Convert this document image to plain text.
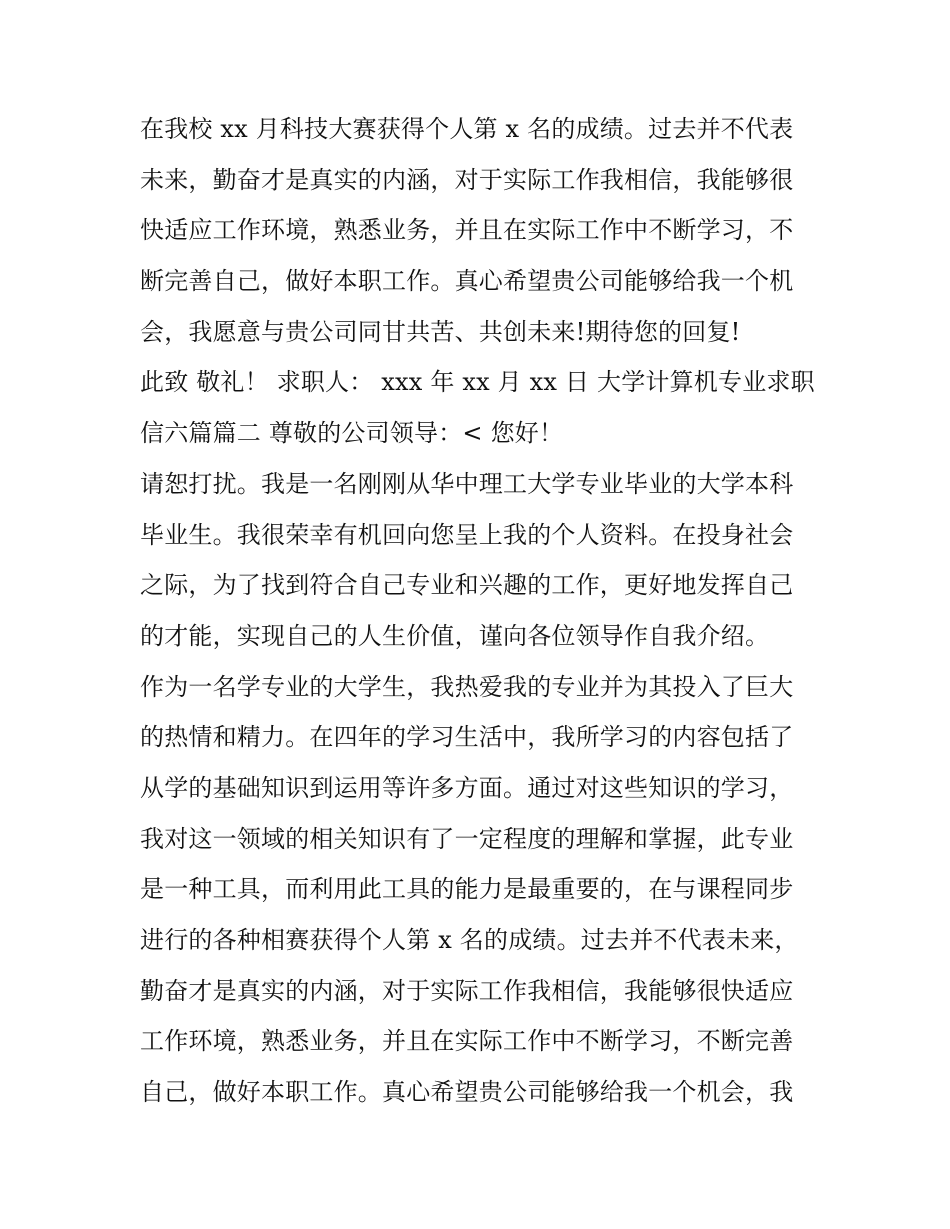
在我校 xx 月科技大赛获得个人第 x 名的成绩。过去并不代表
未来，勤奋才是真实的内涵，对于实际工作我相信，我能够很
快适应工作环境，熟悉业务，并且在实际工作中不断学习，不
断完善自己，做好本职工作。真心希望贵公司能够给我一个机
会，我愿意与贵公司同甘共苦、共创未来!期待您的回复!
此致 敬礼！ 求职人： xxx 年 xx 月 xx 日 大学计算机专业求职
信六篇篇二 尊敬的公司领导：< 您好！
请恕打扰。我是一名刚刚从华中理工大学专业毕业的大学本科
毕业生。我很荣幸有机回向您呈上我的个人资料。在投身社会
之际，为了找到符合自己专业和兴趣的工作，更好地发挥自己
的才能，实现自己的人生价值，谨向各位领导作自我介绍。
作为一名学专业的大学生，我热爱我的专业并为其投入了巨大
的热情和精力。在四年的学习生活中，我所学习的内容包括了
从学的基础知识到运用等许多方面。通过对这些知识的学习，
我对这一领域的相关知识有了一定程度的理解和掌握，此专业
是一种工具，而利用此工具的能力是最重要的，在与课程同步
进行的各种相赛获得个人第 x 名的成绩。过去并不代表未来，
勤奋才是真实的内涵，对于实际工作我相信，我能够很快适应
工作环境，熟悉业务，并且在实际工作中不断学习，不断完善
自己，做好本职工作。真心希望贵公司能够给我一个机会，我
